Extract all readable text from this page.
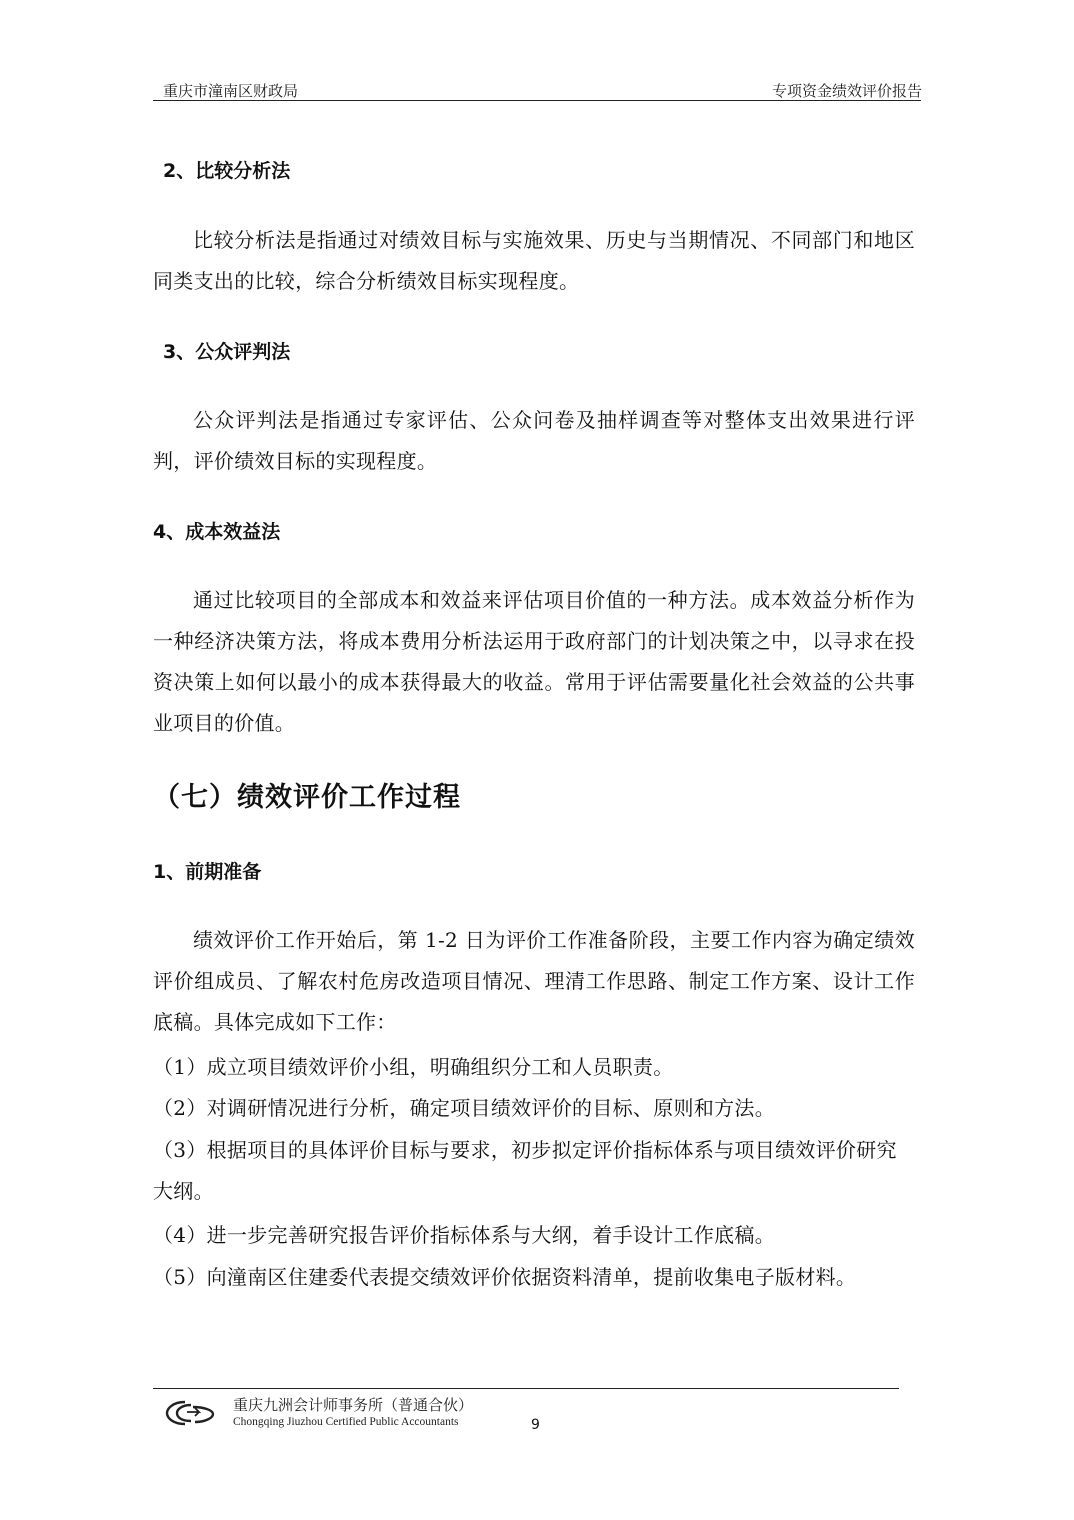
重庆市潼南区财政局	专项资金绩效评价报告
2、比较分析法
比较分析法是指通过对绩效目标与实施效果、历史与当期情况、不同部门和地区同类支出的比较，综合分析绩效目标实现程度。
3、公众评判法
公众评判法是指通过专家评估、公众问卷及抽样调查等对整体支出效果进行评判，评价绩效目标的实现程度。
4、成本效益法
通过比较项目的全部成本和效益来评估项目价值的一种方法。成本效益分析作为一种经济决策方法，将成本费用分析法运用于政府部门的计划决策之中，以寻求在投资决策上如何以最小的成本获得最大的收益。常用于评估需要量化社会效益的公共事业项目的价值。
（七）绩效评价工作过程
1、前期准备
绩效评价工作开始后，第 1-2 日为评价工作准备阶段，主要工作内容为确定绩效评价组成员、了解农村危房改造项目情况、理清工作思路、制定工作方案、设计工作底稿。具体完成如下工作：
（1）成立项目绩效评价小组，明确组织分工和人员职责。
（2）对调研情况进行分析，确定项目绩效评价的目标、原则和方法。
（3）根据项目的具体评价目标与要求，初步拟定评价指标体系与项目绩效评价研究大纲。
（4）进一步完善研究报告评价指标体系与大纲，着手设计工作底稿。
（5）向潼南区住建委代表提交绩效评价依据资料清单，提前收集电子版材料。
重庆九洲会计师事务所（普通合伙）
Chongqing Jiuzhou Certified Public Accountants	9
